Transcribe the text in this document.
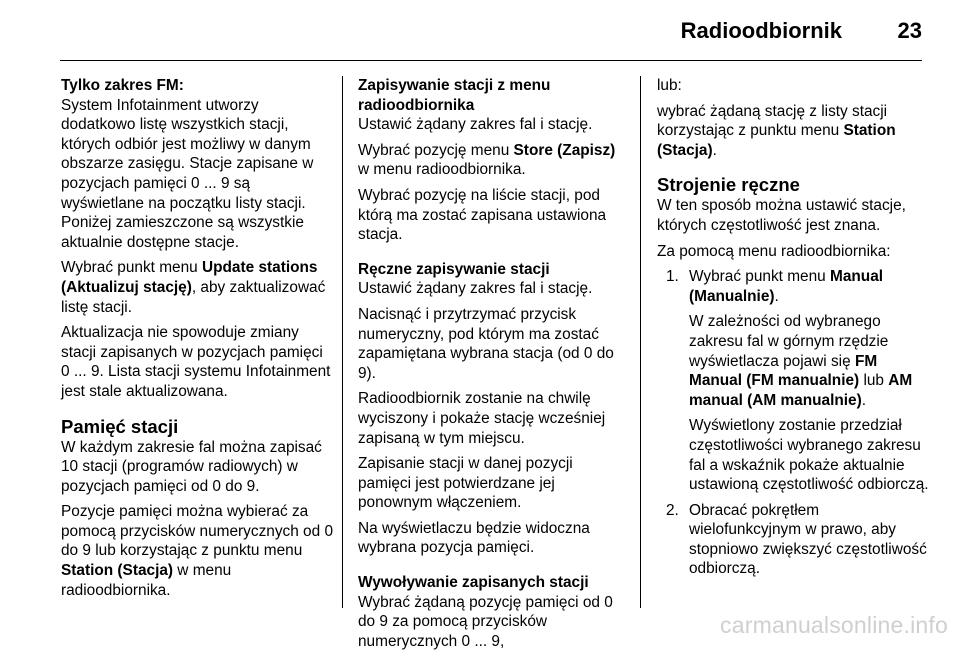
Radioodbiornik	23

Tylko zakres FM:

System Infotainment utworzy dodatkowo listę wszystkich stacji, których odbiór jest możliwy w danym obszarze zasięgu. Stacje zapisane w pozycjach pamięci 0 ... 9 są wyświetlane na początku listy stacji. Poniżej zamieszczone są wszystkie aktualnie dostępne stacje.

Wybrać punkt menu Update stations (Aktualizuj stację), aby zaktualizować listę stacji.

Aktualizacja nie spowoduje zmiany stacji zapisanych w pozycjach pamięci 0 ... 9. Lista stacji systemu Infotainment jest stale aktualizowana.

Pamięć stacji

W każdym zakresie fal można zapisać 10 stacji (programów radiowych) w pozycjach pamięci od 0 do 9.

Pozycje pamięci można wybierać za pomocą przycisków numerycznych od 0 do 9 lub korzystając z punktu menu Station (Stacja) w menu radioodbiornika.

Zapisywanie stacji z menu radioodbiornika

Ustawić żądany zakres fal i stację.

Wybrać pozycję menu Store (Zapisz) w menu radioodbiornika.

Wybrać pozycję na liście stacji, pod którą ma zostać zapisana ustawiona stacja.

Ręczne zapisywanie stacji

Ustawić żądany zakres fal i stację.

Nacisnąć i przytrzymać przycisk numeryczny, pod którym ma zostać zapamiętana wybrana stacja (od 0 do 9).

Radioodbiornik zostanie na chwilę wyciszony i pokaże stację wcześniej zapisaną w tym miejscu.

Zapisanie stacji w danej pozycji pamięci jest potwierdzane jej ponownym włączeniem.

Na wyświetlaczu będzie widoczna wybrana pozycja pamięci.

Wywoływanie zapisanych stacji

Wybrać żądaną pozycję pamięci od 0 do 9 za pomocą przycisków numerycznych 0 ... 9,

lub:

wybrać żądaną stację z listy stacji korzystając z punktu menu Station (Stacja).

Strojenie ręczne

W ten sposób można ustawić stacje, których częstotliwość jest znana.

Za pomocą menu radioodbiornika:

1. Wybrać punkt menu Manual (Manualnie).

W zależności od wybranego zakresu fal w górnym rzędzie wyświetlacza pojawi się FM Manual (FM manualnie) lub AM manual (AM manualnie).

Wyświetlony zostanie przedział częstotliwości wybranego zakresu fal a wskaźnik pokaże aktualnie ustawioną częstotliwość odbiorczą.

2. Obracać pokrętłem wielofunkcyjnym w prawo, aby stopniowo zwiększyć częstotliwość odbiorczą.

carmanualsonline.info
